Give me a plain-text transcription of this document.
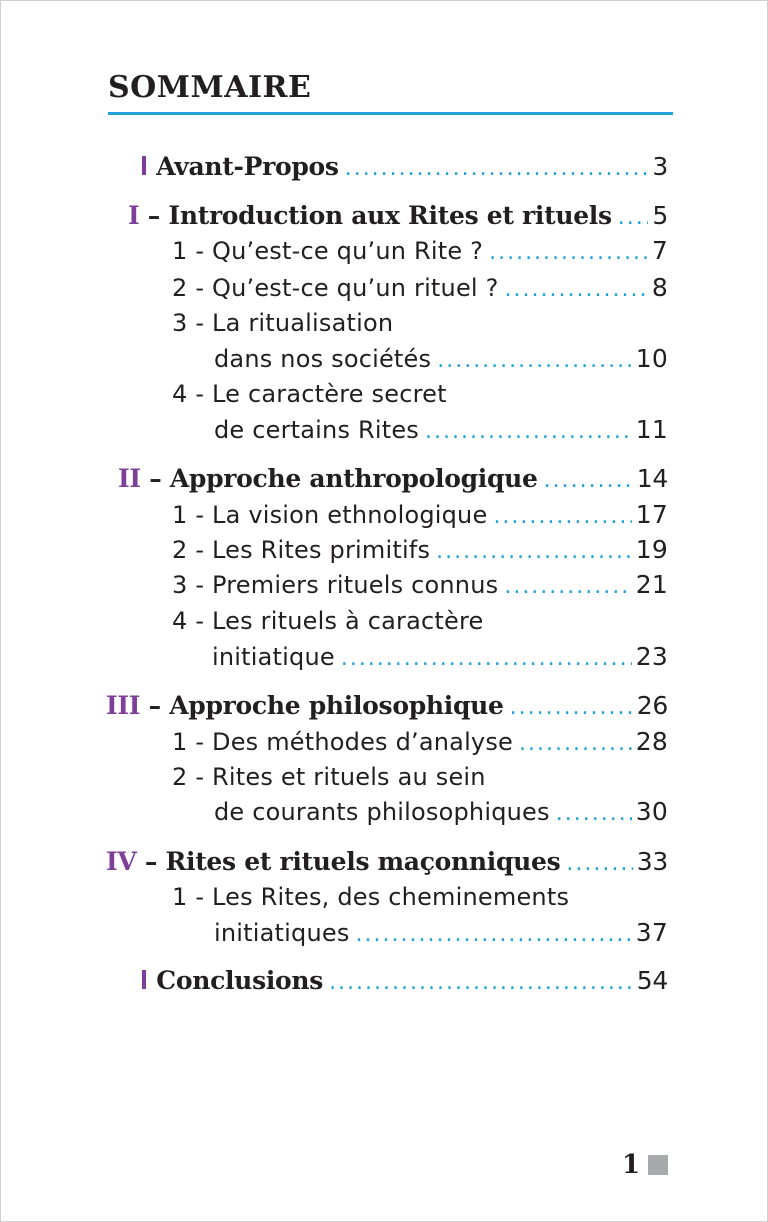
SOMMAIRE
Avant-Propos .....	3
I – Introduction aux Rites et rituels ..... 5
1 - Qu’est-ce qu’un Rite ? .....	7
2 - Qu’est-ce qu’un rituel ? .....	8
3 - La ritualisation
dans nos sociétés .....	10
4 - Le caractère secret
de certains Rites .....	11
II – Approche anthropologique .....	14
1 - La vision ethnologique .....	17
2 - Les Rites primitifs .....	19
3 - Premiers rituels connus .....	21
4 - Les rituels à caractère
initiatique .....	23
III – Approche philosophique .....	26
1 - Des méthodes d’analyse .....	28
2 - Rites et rituels au sein
de courants philosophiques .....	30
IV – Rites et rituels maçonniques .....	33
1 - Les Rites, des cheminements
initiatiques .....	37
Conclusions .....	54
1
